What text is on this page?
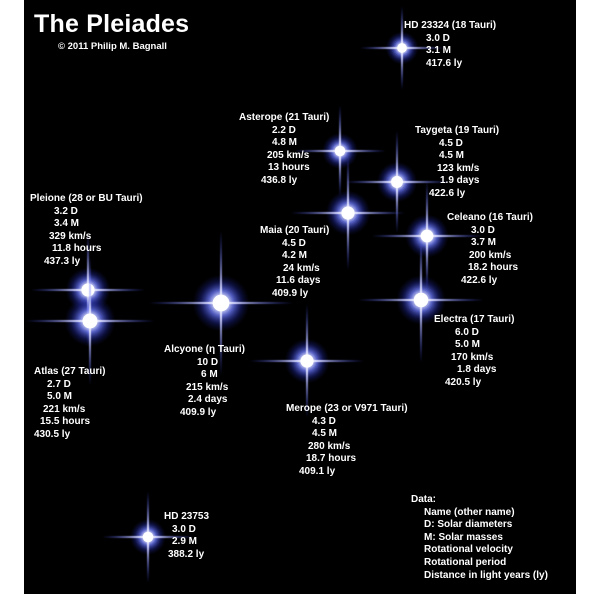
The Pleiades
© 2011 Philip M. Bagnall
HD 23324 (18 Tauri)
3.0 D
3.1 M
417.6 ly
Asterope (21 Tauri)
2.2 D
4.8 M
205 km/s
13 hours
436.8 ly
Taygeta (19 Tauri)
4.5 D
4.5 M
123 km/s
1.9 days
422.6 ly
Pleione (28 or BU Tauri)
3.2 D
3.4 M
329 km/s
11.8 hours
437.3 ly
Maia (20 Tauri)
4.5 D
4.2 M
24 km/s
11.6 days
409.9 ly
Celeano (16 Tauri)
3.0 D
3.7 M
200 km/s
18.2 hours
422.6 ly
Electra (17 Tauri)
6.0 D
5.0 M
170 km/s
1.8 days
420.5 ly
Alcyone (η Tauri)
10 D
6 M
215 km/s
2.4 days
409.9 ly
Atlas (27 Tauri)
2.7 D
5.0 M
221 km/s
15.5 hours
430.5 ly
Merope (23 or V971 Tauri)
4.3 D
4.5 M
280 km/s
18.7 hours
409.1 ly
HD 23753
3.0 D
2.9 M
388.2 ly
Data:
Name (other name)
D: Solar diameters
M: Solar masses
Rotational velocity
Rotational period
Distance in light years (ly)
